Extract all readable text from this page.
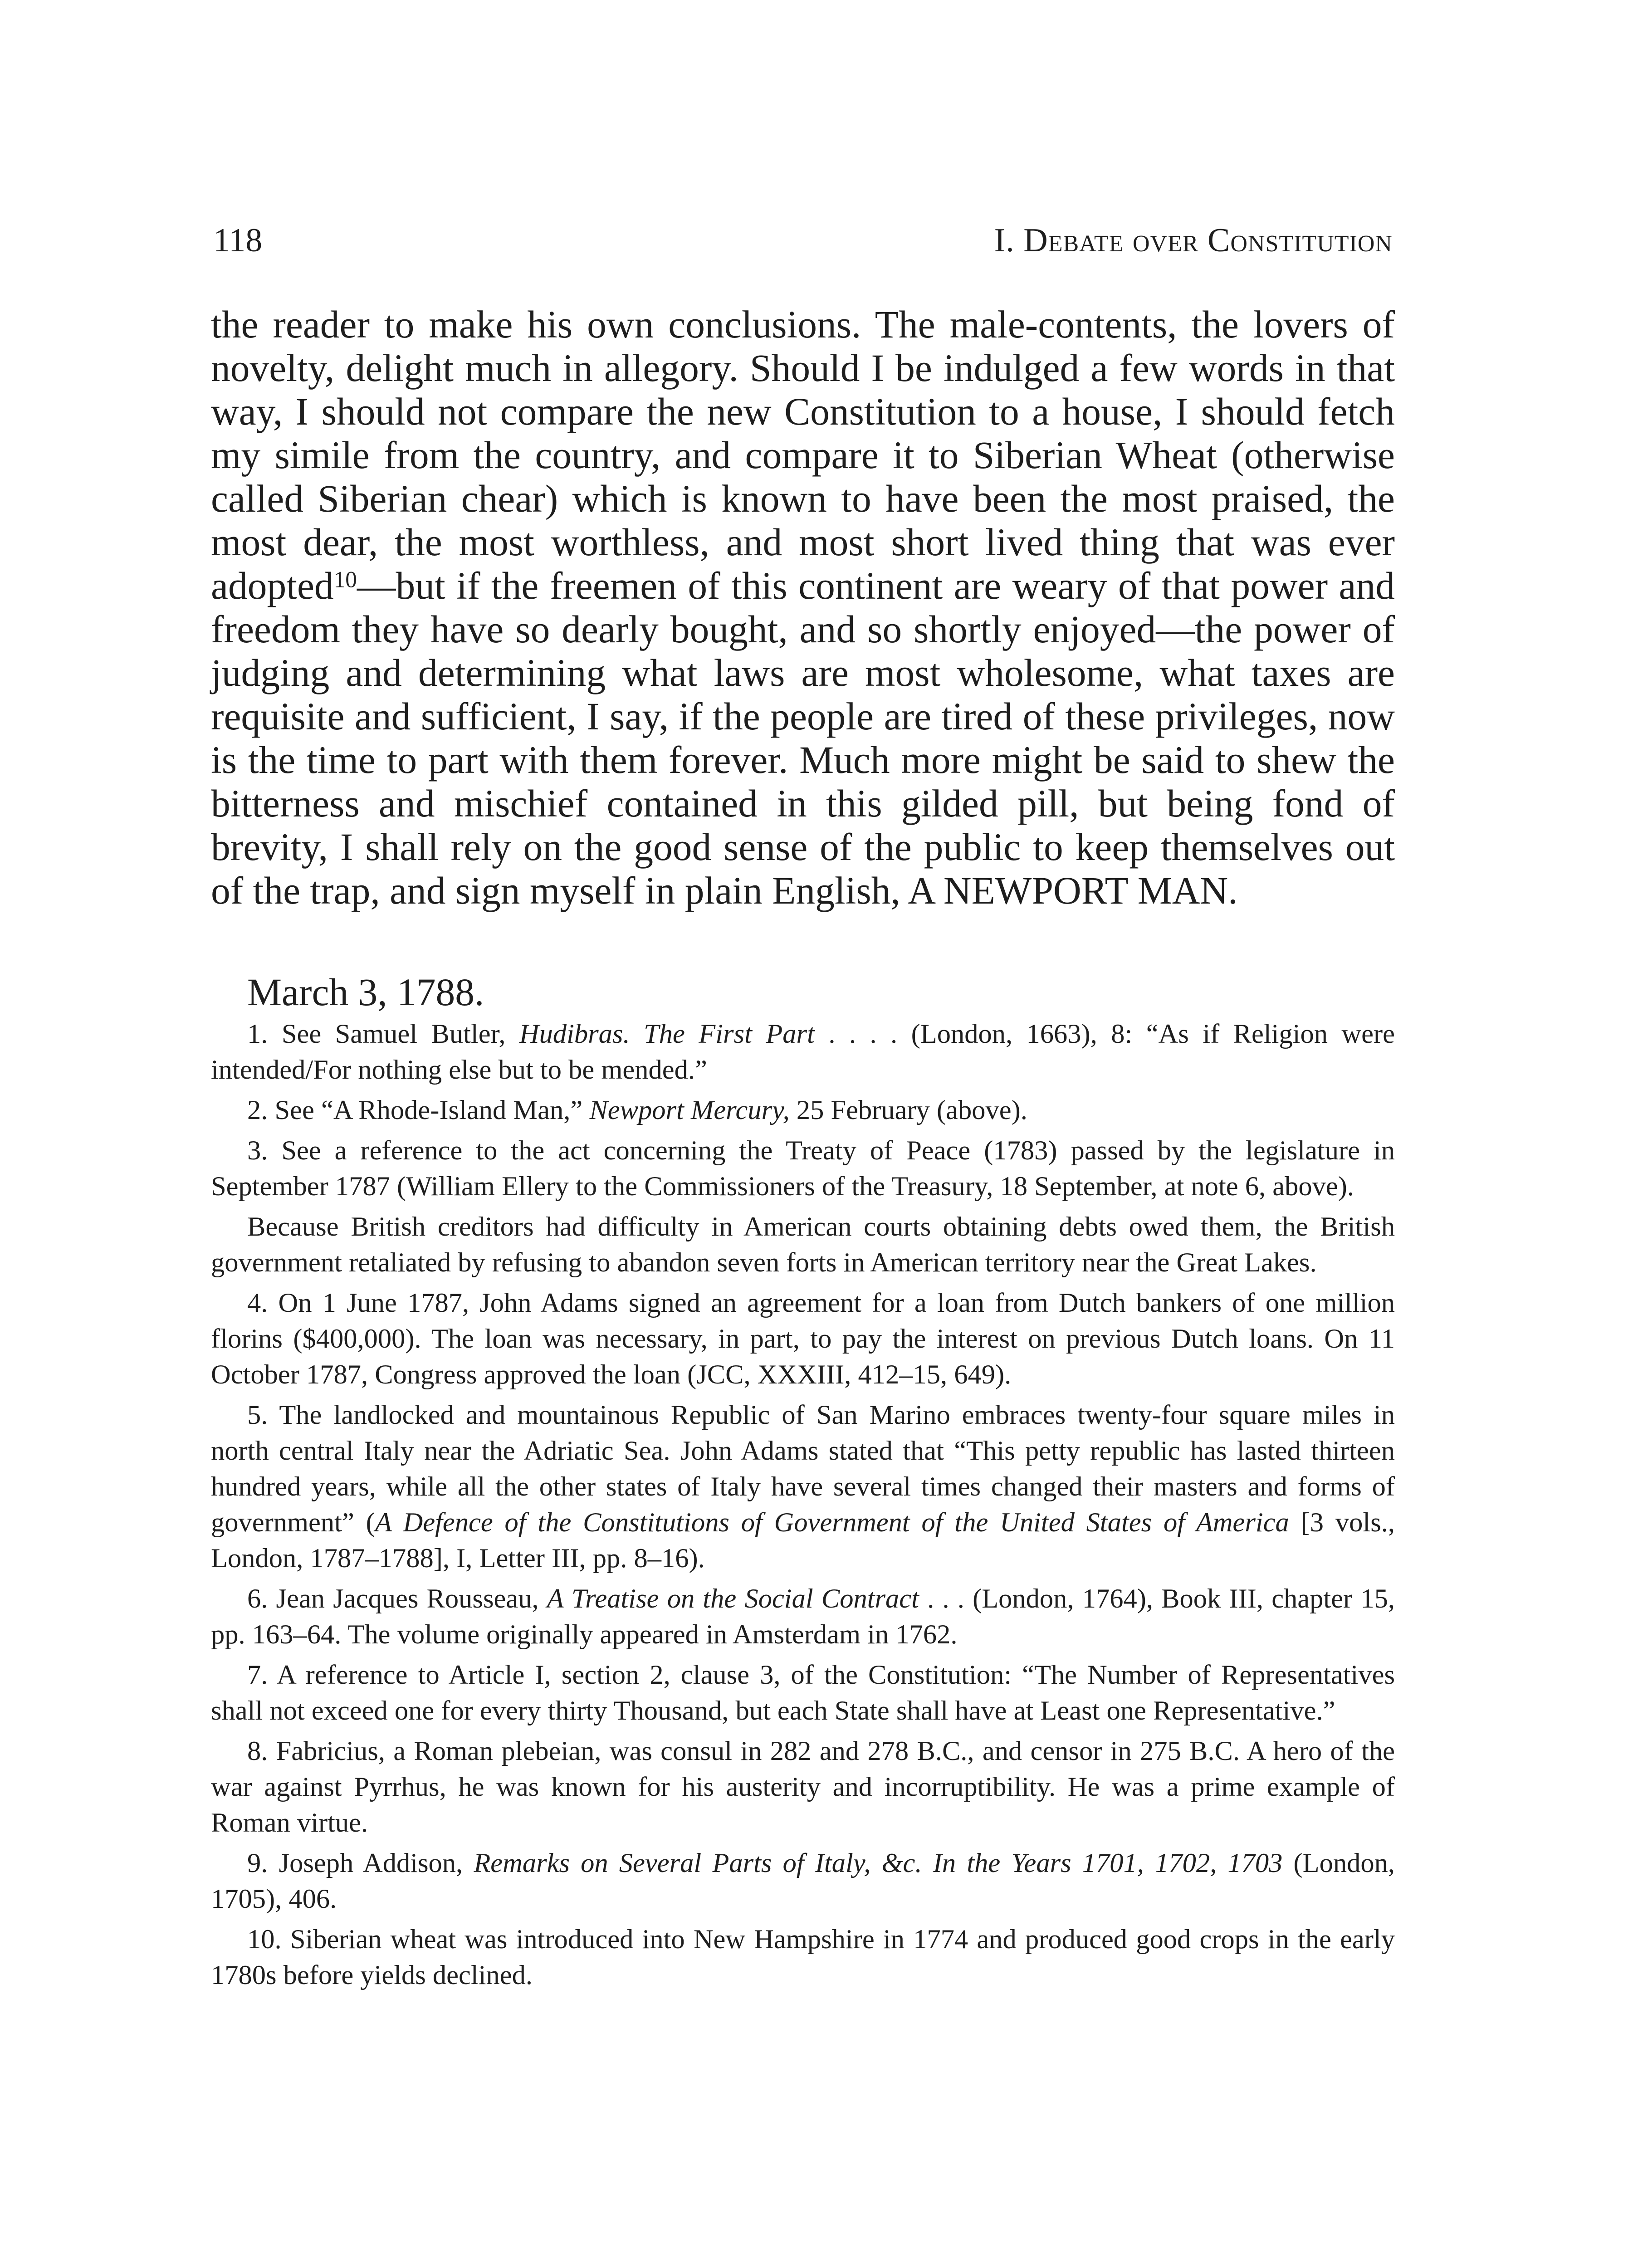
118	I. Debate over Constitution

the reader to make his own conclusions. The male-contents, the lovers of novelty, delight much in allegory. Should I be indulged a few words in that way, I should not compare the new Constitution to a house, I should fetch my simile from the country, and compare it to Siberian Wheat (otherwise called Siberian chear) which is known to have been the most praised, the most dear, the most worthless, and most short lived thing that was ever adopted$^{10}$—but if the freemen of this continent are weary of that power and freedom they have so dearly bought, and so shortly enjoyed—the power of judging and determining what laws are most wholesome, what taxes are requisite and sufficient, I say, if the people are tired of these privileges, now is the time to part with them forever. Much more might be said to shew the bitterness and mischief contained in this gilded pill, but being fond of brevity, I shall rely on the good sense of the public to keep themselves out of the trap, and sign myself in plain English, A NEWPORT MAN.

March 3, 1788.

1. See Samuel Butler, Hudibras. The First Part . . . . (London, 1663), 8: “As if Religion were intended/For nothing else but to be mended.”

2. See “A Rhode-Island Man,” Newport Mercury, 25 February (above).

3. See a reference to the act concerning the Treaty of Peace (1783) passed by the legislature in September 1787 (William Ellery to the Commissioners of the Treasury, 18 September, at note 6, above).

Because British creditors had difficulty in American courts obtaining debts owed them, the British government retaliated by refusing to abandon seven forts in American territory near the Great Lakes.

4. On 1 June 1787, John Adams signed an agreement for a loan from Dutch bankers of one million florins ($400,000). The loan was necessary, in part, to pay the interest on previous Dutch loans. On 11 October 1787, Congress approved the loan (JCC, XXXIII, 412–15, 649).

5. The landlocked and mountainous Republic of San Marino embraces twenty-four square miles in north central Italy near the Adriatic Sea. John Adams stated that “This petty republic has lasted thirteen hundred years, while all the other states of Italy have several times changed their masters and forms of government” (A Defence of the Constitutions of Government of the United States of America [3 vols., London, 1787–1788], I, Letter III, pp. 8–16).

6. Jean Jacques Rousseau, A Treatise on the Social Contract . . . (London, 1764), Book III, chapter 15, pp. 163–64. The volume originally appeared in Amsterdam in 1762.

7. A reference to Article I, section 2, clause 3, of the Constitution: “The Number of Representatives shall not exceed one for every thirty Thousand, but each State shall have at Least one Representative.”

8. Fabricius, a Roman plebeian, was consul in 282 and 278 B.C., and censor in 275 B.C. A hero of the war against Pyrrhus, he was known for his austerity and incorruptibility. He was a prime example of Roman virtue.

9. Joseph Addison, Remarks on Several Parts of Italy, &c. In the Years 1701, 1702, 1703 (London, 1705), 406.

10. Siberian wheat was introduced into New Hampshire in 1774 and produced good crops in the early 1780s before yields declined.
